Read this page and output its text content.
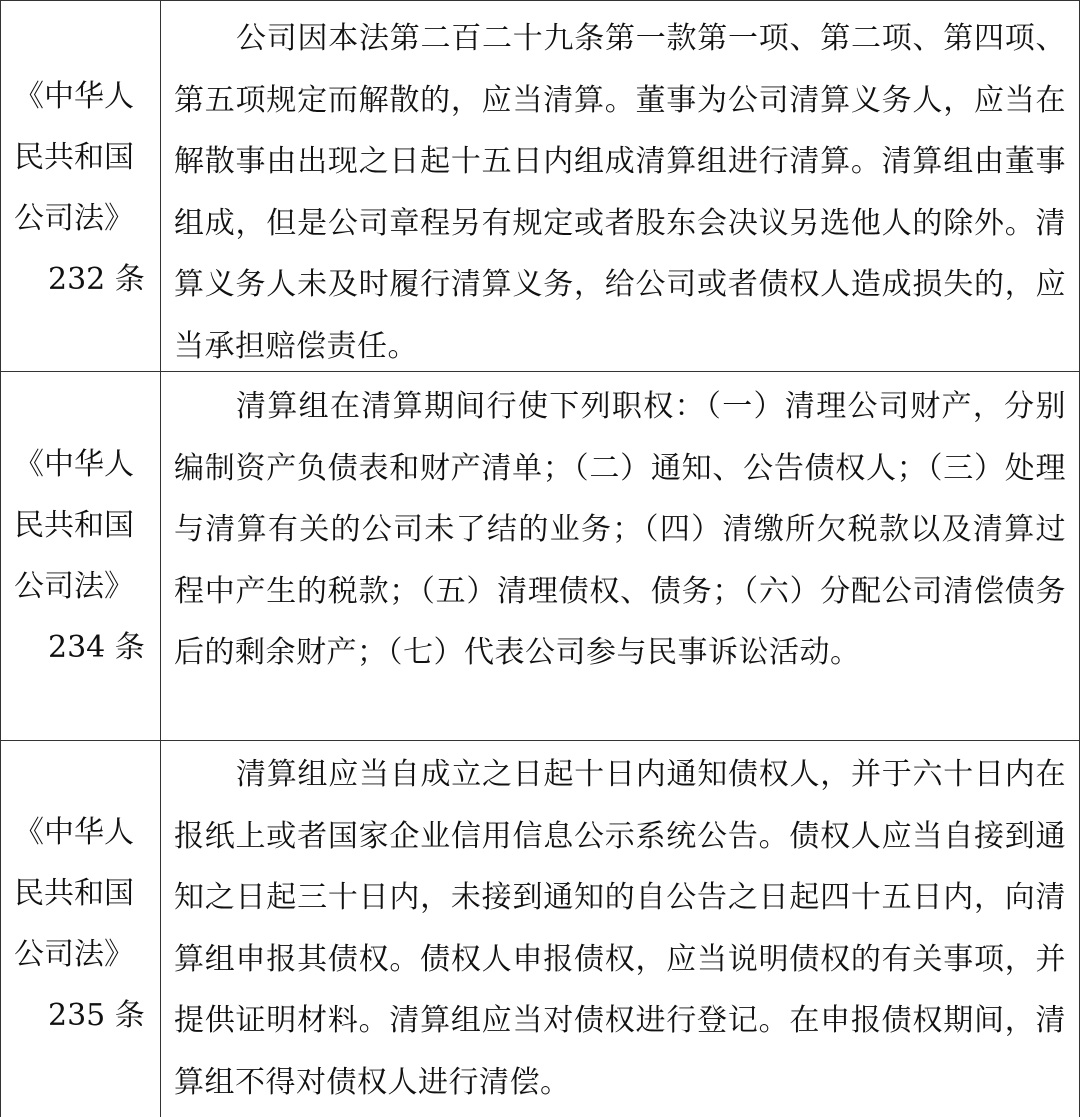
《中华人
民共和国
公司法》
232 条

公司因本法第二百二十九条第一款第一项、第二项、第四项、第五项规定而解散的，应当清算。董事为公司清算义务人，应当在解散事由出现之日起十五日内组成清算组进行清算。清算组由董事组成，但是公司章程另有规定或者股东会决议另选他人的除外。清算义务人未及时履行清算义务，给公司或者债权人造成损失的，应当承担赔偿责任。

《中华人
民共和国
公司法》
234 条

清算组在清算期间行使下列职权：（一）清理公司财产，分别编制资产负债表和财产清单；（二）通知、公告债权人；（三）处理与清算有关的公司未了结的业务；（四）清缴所欠税款以及清算过程中产生的税款；（五）清理债权、债务；（六）分配公司清偿债务后的剩余财产；（七）代表公司参与民事诉讼活动。

《中华人
民共和国
公司法》
235 条

清算组应当自成立之日起十日内通知债权人，并于六十日内在报纸上或者国家企业信用信息公示系统公告。债权人应当自接到通知之日起三十日内，未接到通知的自公告之日起四十五日内，向清算组申报其债权。债权人申报债权，应当说明债权的有关事项，并提供证明材料。清算组应当对债权进行登记。在申报债权期间，清算组不得对债权人进行清偿。
